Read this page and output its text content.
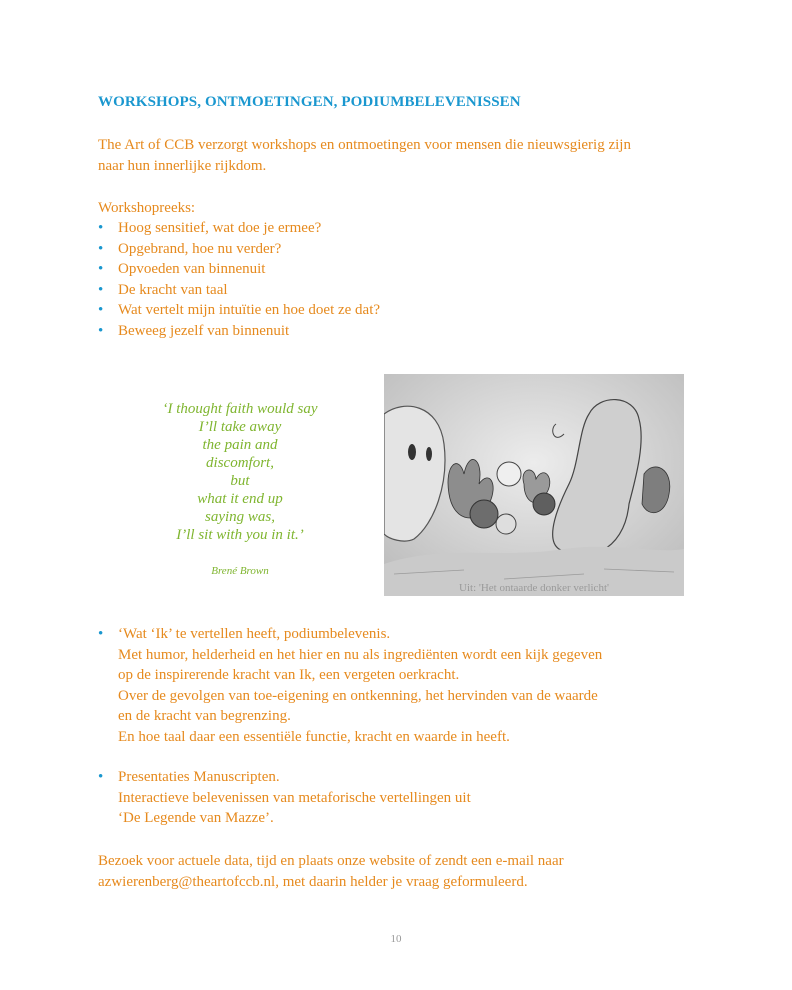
WORKSHOPS, ONTMOETINGEN, PODIUMBELEVENISSEN
The Art of CCB verzorgt workshops en ontmoetingen voor mensen die nieuwsgierig zijn
naar hun innerlijke rijkdom.
Workshopreeks:
• Hoog sensitief, wat doe je ermee?
• Opgebrand, hoe nu verder?
• Opvoeden van binnenuit
• De kracht van taal
• Wat vertelt mijn intuïtie en hoe doet ze dat?
• Beweeg jezelf van binnenuit
‘I thought faith would say
I’ll take away
the pain and
discomfort,
but
what it end up
saying was,
I’ll sit with you in it.’
Brené Brown
Uit: 'Het ontaarde donker verlicht'
• ‘Wat ‘Ik’ te vertellen heeft, podiumbelevenis.
Met humor, helderheid en het hier en nu als ingrediënten wordt een kijk gegeven
op de inspirerende kracht van Ik, een vergeten oerkracht.
Over de gevolgen van toe-eigening en ontkenning, het hervinden van de waarde
en de kracht van begrenzing.
En hoe taal daar een essentiële functie, kracht en waarde in heeft.
• Presentaties Manuscripten.
Interactieve belevenissen van metaforische vertellingen uit
‘De Legende van Mazze’.
Bezoek voor actuele data, tijd en plaats onze website of zendt een e-mail naar
azwierenberg@theartofccb.nl, met daarin helder je vraag geformuleerd.
10
